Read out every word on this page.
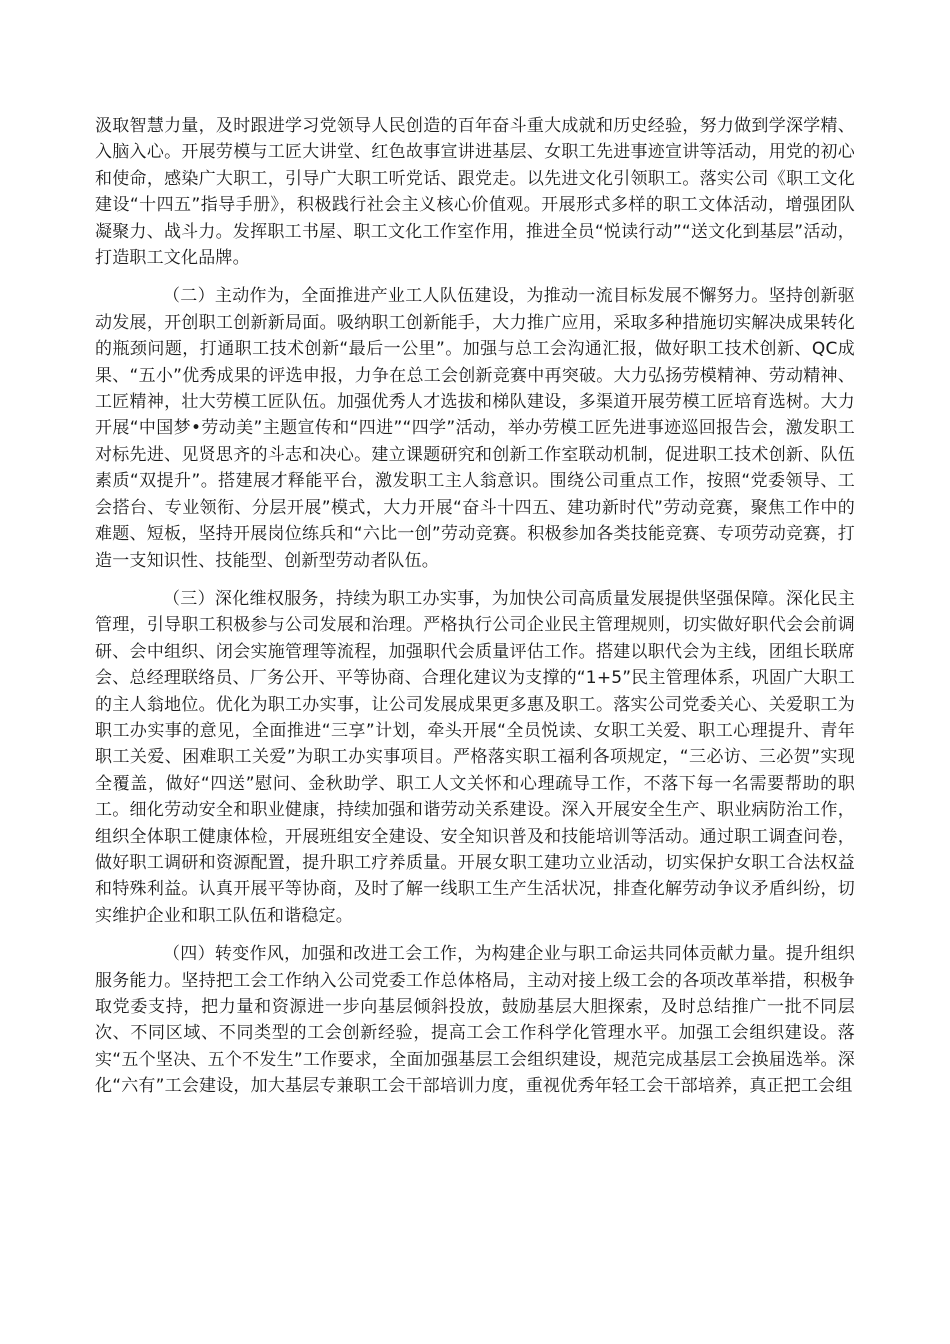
汲取智慧力量，及时跟进学习党领导人民创造的百年奋斗重大成就和历史经验，努力做到学深学精、入脑入心。开展劳模与工匠大讲堂、红色故事宣讲进基层、女职工先进事迹宣讲等活动，用党的初心和使命，感染广大职工，引导广大职工听党话、跟党走。以先进文化引领职工。落实公司《职工文化建设“十四五”指导手册》，积极践行社会主义核心价值观。开展形式多样的职工文体活动，增强团队凝聚力、战斗力。发挥职工书屋、职工文化工作室作用，推进全员“悦读行动”“送文化到基层”活动，打造职工文化品牌。

（二）主动作为，全面推进产业工人队伍建设，为推动一流目标发展不懈努力。坚持创新驱动发展，开创职工创新新局面。吸纳职工创新能手，大力推广应用，采取多种措施切实解决成果转化的瓶颈问题，打通职工技术创新“最后一公里”。加强与总工会沟通汇报，做好职工技术创新、QC成果、“五小”优秀成果的评选申报，力争在总工会创新竞赛中再突破。大力弘扬劳模精神、劳动精神、工匠精神，壮大劳模工匠队伍。加强优秀人才选拔和梯队建设，多渠道开展劳模工匠培育选树。大力开展“中国梦•劳动美”主题宣传和“四进”“四学”活动，举办劳模工匠先进事迹巡回报告会，激发职工对标先进、见贤思齐的斗志和决心。建立课题研究和创新工作室联动机制，促进职工技术创新、队伍素质“双提升”。搭建展才释能平台，激发职工主人翁意识。围绕公司重点工作，按照“党委领导、工会搭台、专业领衔、分层开展”模式，大力开展“奋斗十四五、建功新时代”劳动竞赛，聚焦工作中的难题、短板，坚持开展岗位练兵和“六比一创”劳动竞赛。积极参加各类技能竞赛、专项劳动竞赛，打造一支知识性、技能型、创新型劳动者队伍。

（三）深化维权服务，持续为职工办实事，为加快公司高质量发展提供坚强保障。深化民主管理，引导职工积极参与公司发展和治理。严格执行公司企业民主管理规则，切实做好职代会会前调研、会中组织、闭会实施管理等流程，加强职代会质量评估工作。搭建以职代会为主线，团组长联席会、总经理联络员、厂务公开、平等协商、合理化建议为支撑的“1+5”民主管理体系，巩固广大职工的主人翁地位。优化为职工办实事，让公司发展成果更多惠及职工。落实公司党委关心、关爱职工为职工办实事的意见，全面推进“三享”计划，牵头开展“全员悦读、女职工关爱、职工心理提升、青年职工关爱、困难职工关爱”为职工办实事项目。严格落实职工福利各项规定，“三必访、三必贺”实现全覆盖，做好“四送”慰问、金秋助学、职工人文关怀和心理疏导工作，不落下每一名需要帮助的职工。细化劳动安全和职业健康，持续加强和谐劳动关系建设。深入开展安全生产、职业病防治工作，组织全体职工健康体检，开展班组安全建设、安全知识普及和技能培训等活动。通过职工调查问卷，做好职工调研和资源配置，提升职工疗养质量。开展女职工建功立业活动，切实保护女职工合法权益和特殊利益。认真开展平等协商，及时了解一线职工生产生活状况，排查化解劳动争议矛盾纠纷，切实维护企业和职工队伍和谐稳定。

（四）转变作风，加强和改进工会工作，为构建企业与职工命运共同体贡献力量。提升组织服务能力。坚持把工会工作纳入公司党委工作总体格局，主动对接上级工会的各项改革举措，积极争取党委支持，把力量和资源进一步向基层倾斜投放，鼓励基层大胆探索，及时总结推广一批不同层次、不同区域、不同类型的工会创新经验，提高工会工作科学化管理水平。加强工会组织建设。落实“五个坚决、五个不发生”工作要求，全面加强基层工会组织建设，规范完成基层工会换届选举。深化“六有”工会建设，加大基层专兼职工会干部培训力度，重视优秀年轻工会干部培养，真正把工会组
